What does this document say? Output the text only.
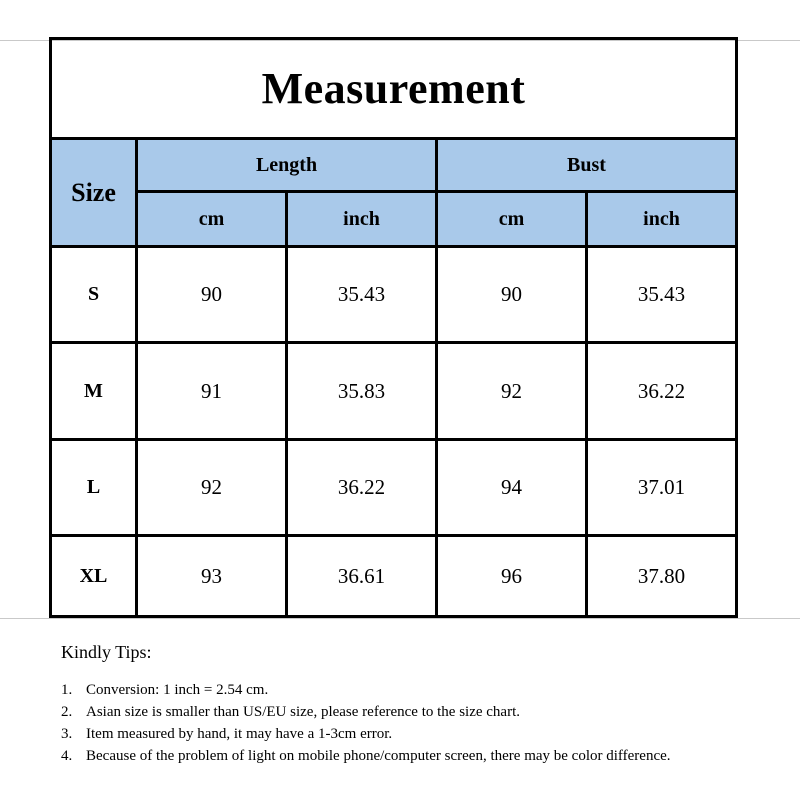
Measurement
Size
Length	Bust
cm	inch	cm	inch
S	90	35.43	90	35.43
M	91	35.83	92	36.22
L	92	36.22	94	37.01
XL	93	36.61	96	37.80
Kindly Tips:
1. Conversion: 1 inch = 2.54 cm.
2. Asian size is smaller than US/EU size, please reference to the size chart.
3. Item measured by hand, it may have a 1-3cm error.
4. Because of the problem of light on mobile phone/computer screen, there may be color difference.
